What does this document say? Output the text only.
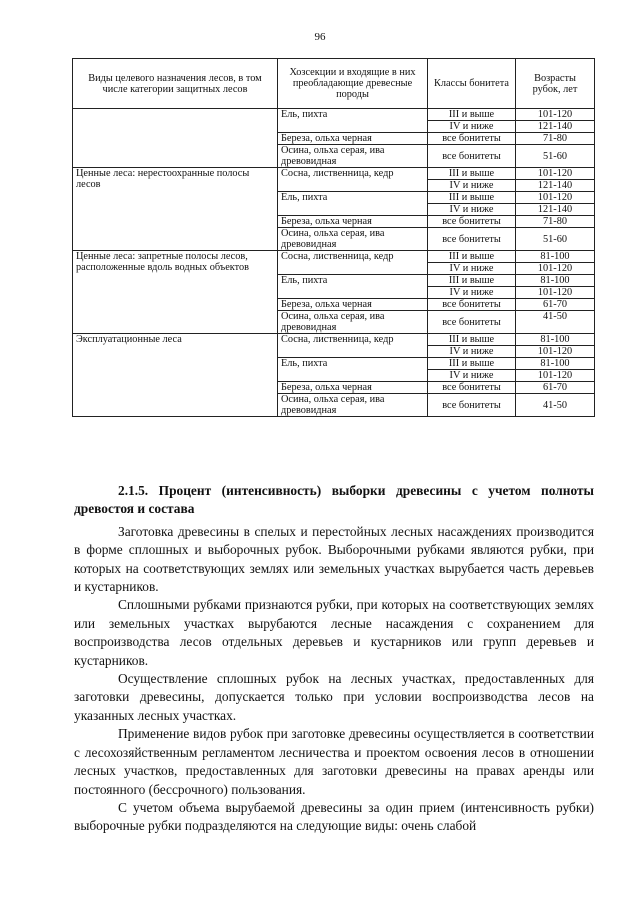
96
Виды целевого назначения лесов, в том числе категории защитных лесов	Хозсекции и входящие в них преобладающие древесные породы	Классы бонитета	Возрасты рубок, лет
	Ель, пихта	III и выше	101-120
		IV и ниже	121-140
	Береза, ольха черная	все бонитеты	71-80
	Осина, ольха серая, ива древовидная	все бонитеты	51-60
Ценные леса: нерестоохранные полосы лесов	Сосна, лиственница, кедр	III и выше	101-120
		IV и ниже	121-140
	Ель, пихта	III и выше	101-120
		IV и ниже	121-140
	Береза, ольха черная	все бонитеты	71-80
	Осина, ольха серая, ива древовидная	все бонитеты	51-60
Ценные леса: запретные полосы лесов, расположенные вдоль водных объектов	Сосна, лиственница, кедр	III и выше	81-100
		IV и ниже	101-120
	Ель, пихта	III и выше	81-100
		IV и ниже	101-120
	Береза, ольха черная	все бонитеты	61-70
	Осина, ольха серая, ива древовидная	все бонитеты	41-50
Эксплуатационные леса	Сосна, лиственница, кедр	III и выше	81-100
		IV и ниже	101-120
	Ель, пихта	III и выше	81-100
		IV и ниже	101-120
	Береза, ольха черная	все бонитеты	61-70
	Осина, ольха серая, ива древовидная	все бонитеты	41-50
2.1.5. Процент (интенсивность) выборки древесины с учетом полноты древостоя и состава

Заготовка древесины в спелых и перестойных лесных насаждениях производится в форме сплошных и выборочных рубок. Выборочными рубками являются рубки, при которых на соответствующих землях или земельных участках вырубается часть деревьев и кустарников.

Сплошными рубками признаются рубки, при которых на соответствующих землях или земельных участках вырубаются лесные насаждения с сохранением для воспроизводства лесов отдельных деревьев и кустарников или групп деревьев и кустарников.

Осуществление сплошных рубок на лесных участках, предоставленных для заготовки древесины, допускается только при условии воспроизводства лесов на указанных лесных участках.

Применение видов рубок при заготовке древесины осуществляется в соответствии с лесохозяйственным регламентом лесничества и проектом освоения лесов в отношении лесных участков, предоставленных для заготовки древесины на правах аренды или постоянного (бессрочного) пользования.

С учетом объема вырубаемой древесины за один прием (интенсивность рубки) выборочные рубки подразделяются на следующие виды: очень слабой
